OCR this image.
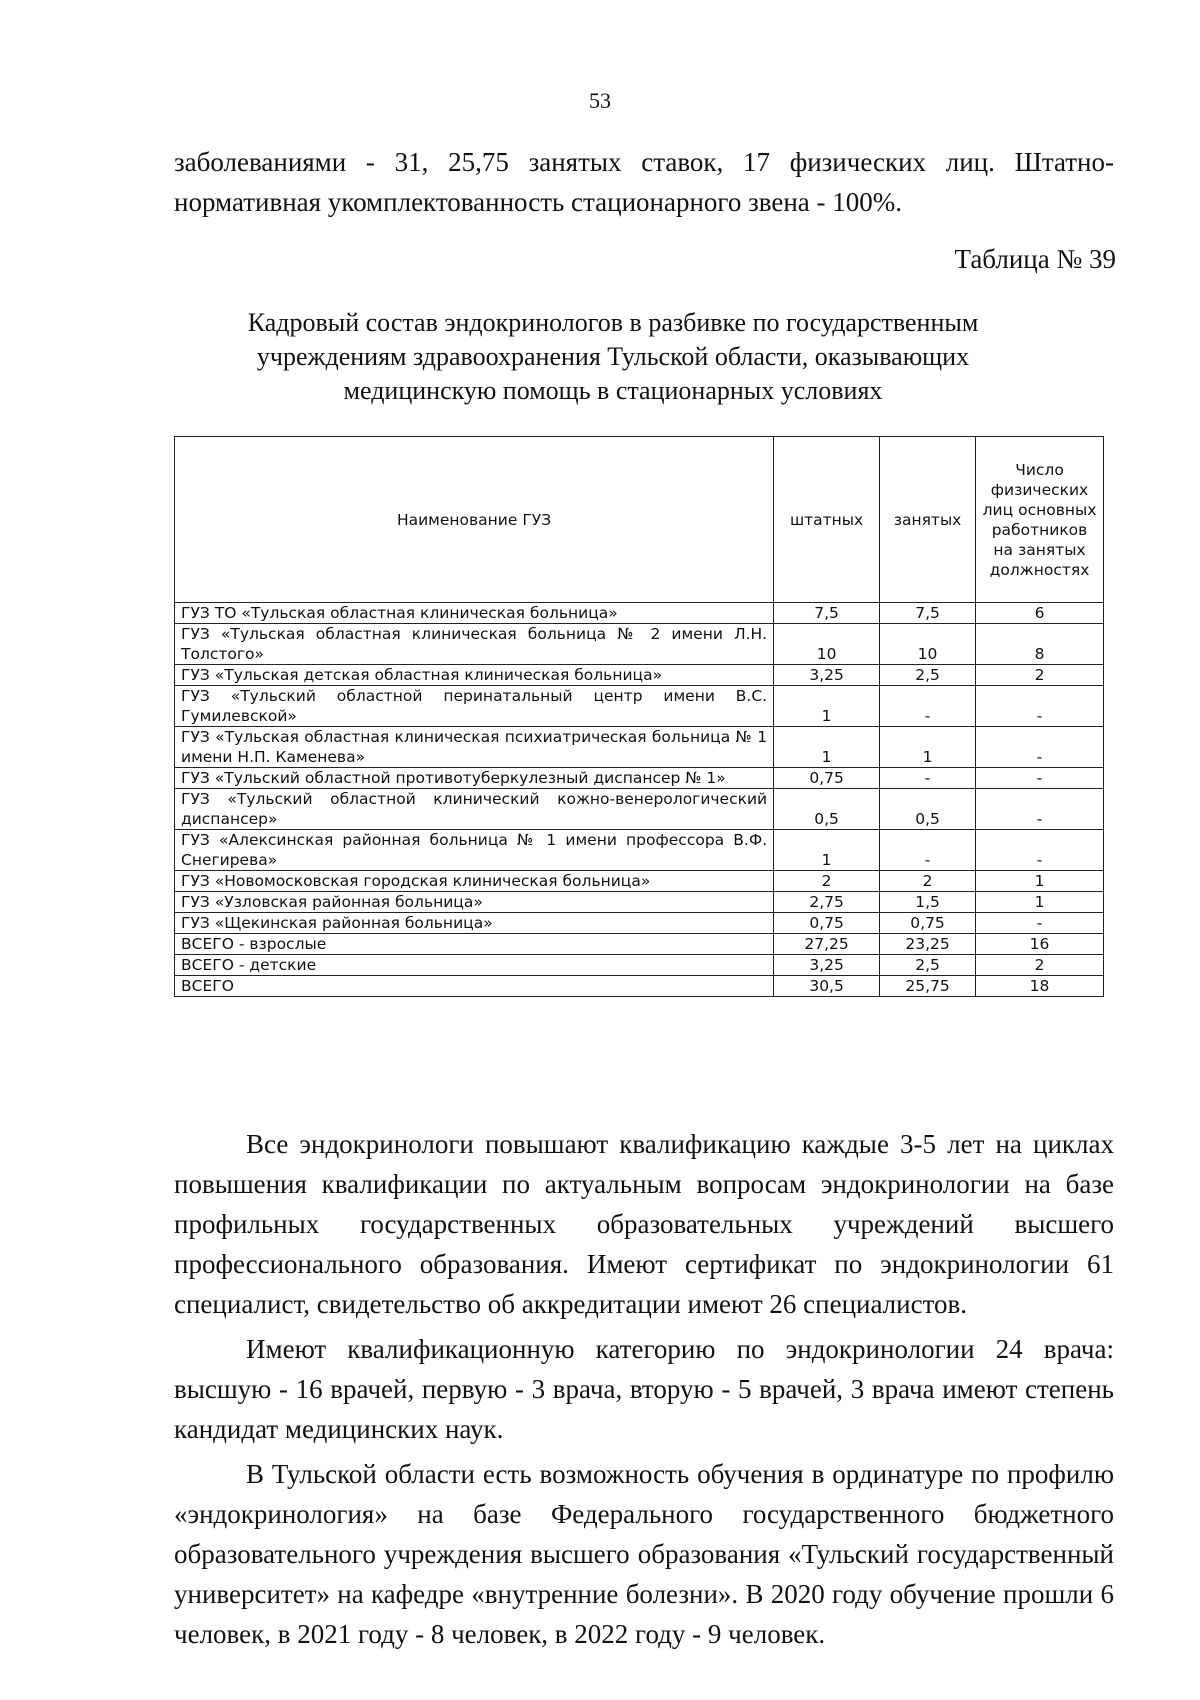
53

заболеваниями - 31, 25,75 занятых ставок, 17 физических лиц. Штатно-нормативная укомплектованность стационарного звена - 100%.

Таблица № 39
Кадровый состав эндокринологов в разбивке по государственным
учреждениям здравоохранения Тульской области, оказывающих
медицинскую помощь в стационарных условиях
Наименование ГУЗ	штатных	занятых	Число физических лиц основных работников на занятых должностях
ГУЗ ТО «Тульская областная клиническая больница»	7,5	7,5	6
ГУЗ «Тульская областная клиническая больница № 2 имени Л.Н. Толстого»	10	10	8
ГУЗ «Тульская детская областная клиническая больница»	3,25	2,5	2
ГУЗ «Тульский областной перинатальный центр имени В.С. Гумилевской»	1	-	-
ГУЗ «Тульская областная клиническая психиатрическая больница № 1 имени Н.П. Каменева»	1	1	-
ГУЗ «Тульский областной противотуберкулезный диспансер № 1»	0,75	-	-
ГУЗ «Тульский областной клинический кожно-венерологический диспансер»	0,5	0,5	-
ГУЗ «Алексинская районная больница № 1 имени профессора В.Ф. Снегирева»	1	-	-
ГУЗ «Новомосковская городская клиническая больница»	2	2	1
ГУЗ «Узловская районная больница»	2,75	1,5	1
ГУЗ «Щекинская районная больница»	0,75	0,75	-
ВСЕГО - взрослые	27,25	23,25	16
ВСЕГО - детские	3,25	2,5	2
ВСЕГО	30,5	25,75	18

Все эндокринологи повышают квалификацию каждые 3-5 лет на циклах повышения квалификации по актуальным вопросам эндокринологии на базе профильных государственных образовательных учреждений высшего профессионального образования. Имеют сертификат по эндокринологии 61 специалист, свидетельство об аккредитации имеют 26 специалистов.

Имеют квалификационную категорию по эндокринологии 24 врача: высшую - 16 врачей, первую - 3 врача, вторую - 5 врачей, 3 врача имеют степень кандидат медицинских наук.

В Тульской области есть возможность обучения в ординатуре по профилю «эндокринология» на базе Федерального государственного бюджетного образовательного учреждения высшего образования «Тульский государственный университет» на кафедре «внутренние болезни». В 2020 году обучение прошли 6 человек, в 2021 году - 8 человек, в 2022 году - 9 человек.
